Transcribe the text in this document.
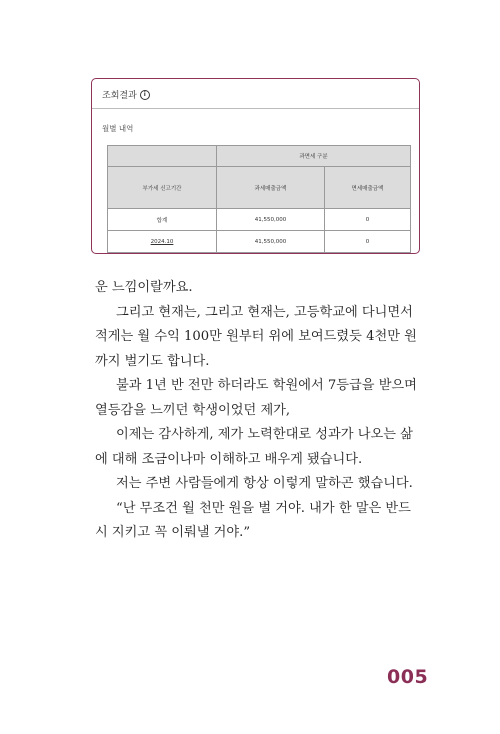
조회결과	i
월별 내역
	과면세 구분	
부가세 신고기간	과세매출금액	면세매출금액
합계	41,550,000	0
2024.10	41,550,000	0

운 느낌이랄까요.

그리고 현재는, 그리고 현재는, 고등학교에 다니면서

적게는 월 수익 100만 원부터 위에 보여드렸듯 4천만 원

까지 벌기도 합니다.

불과 1년 반 전만 하더라도 학원에서 7등급을 받으며

열등감을 느끼던 학생이었던 제가,

이제는 감사하게, 제가 노력한대로 성과가 나오는 삶

에 대해 조금이나마 이해하고 배우게 됐습니다.

저는 주변 사람들에게 항상 이렇게 말하곤 했습니다.

“난 무조건 월 천만 원을 벌 거야. 내가 한 말은 반드

시 지키고 꼭 이뤄낼 거야.”

005
